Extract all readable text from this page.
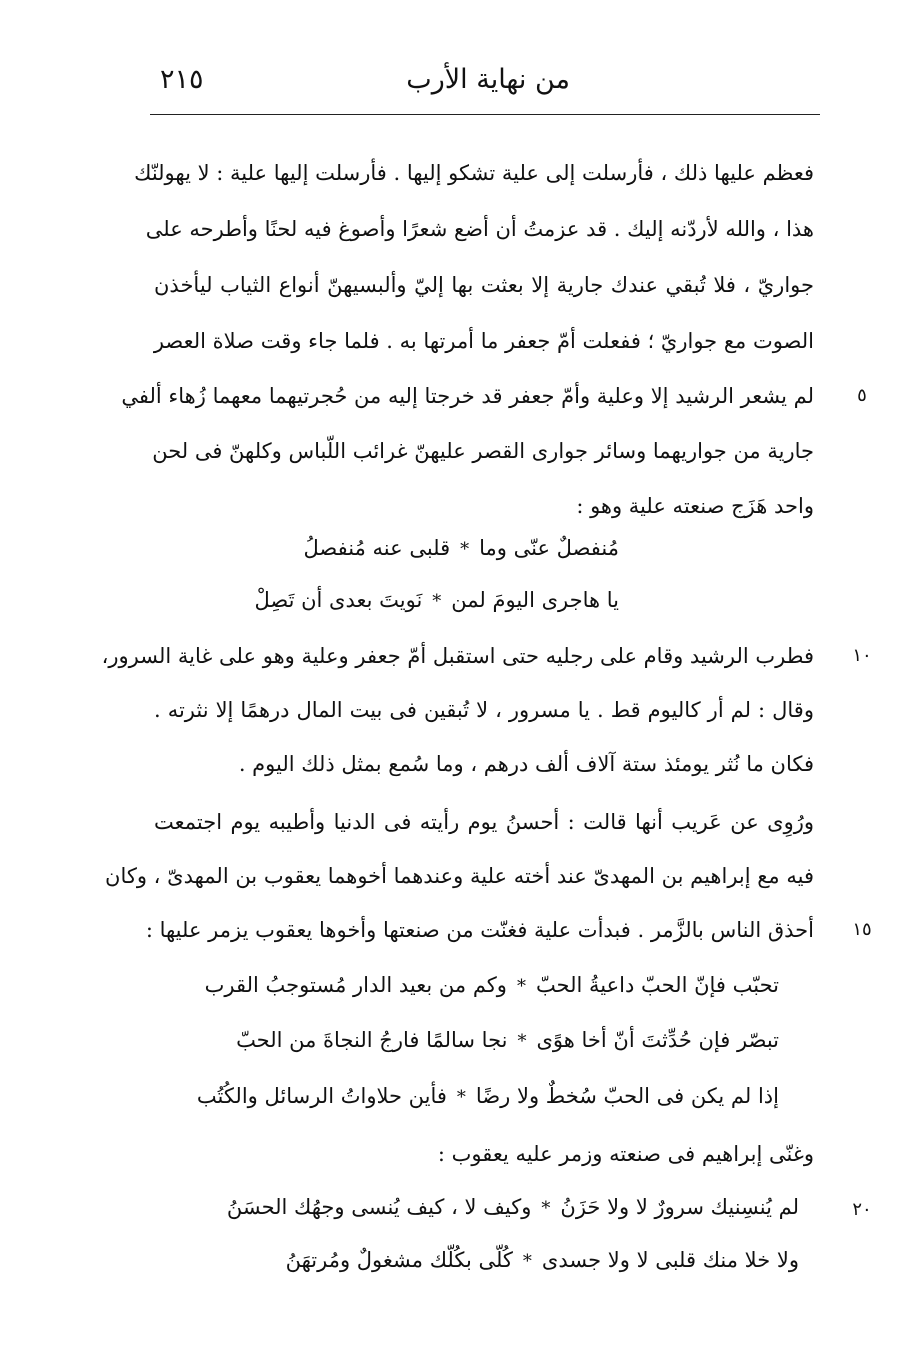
من نهاية الأرب
٢١٥
فعظم عليها ذلك ، فأرسلت إلى علية تشكو إليها . فأرسلت إليها علية : لا يهولنّك
هذا ، والله لأردّنه إليك . قد عزمتُ أن أضع شعرًا وأصوغ فيه لحنًا وأطرحه على
جواريّ ، فلا تُبقي عندك جارية إلا بعثت بها إليّ وألبسيهنّ أنواع الثياب ليأخذن
الصوت مع جواريّ ؛ ففعلت أمّ جعفر ما أمرتها به . فلما جاء وقت صلاة العصر
لم يشعر الرشيد إلا وعلية وأمّ جعفر قد خرجتا إليه من حُجرتيهما معهما زُهاء ألفي
جارية من جواريهما وسائر جوارى القصر عليهنّ غرائب اللّباس وكلهنّ فى لحن
واحد هَزَج صنعته علية وهو :
٥
مُنفصلٌ عنّى وما*قلبى عنه مُنفصلُ
يا هاجرى اليومَ لمن*نَويتَ بعدى أن تَصِلْ
فطرب الرشيد وقام على رجليه حتى استقبل أمّ جعفر وعلية وهو على غاية السرور،
وقال : لم أر كاليوم قط . يا مسرور ، لا تُبقين فى بيت المال درهمًا إلا نثرته .
فكان ما نُثر يومئذ ستة آلاف ألف درهم ، وما سُمع بمثل ذلك اليوم .
١٠
ورُوِى عن عَريب أنها قالت : أحسنُ يوم رأيته فى الدنيا وأطيبه يوم اجتمعت
فيه مع إبراهيم بن المهدىّ عند أخته علية وعندهما أخوهما يعقوب بن المهدىّ ، وكان
أحذق الناس بالزَّمر . فبدأت علية فغنّت من صنعتها وأخوها يعقوب يزمر عليها : ١٥
تحبّب فإنّ الحبّ داعيةُ الحبّ*وكم من بعيد الدار مُستوجبُ القرب
تبصّر فإن حُدِّثتَ أنّ أخا هوًى*نجا سالمًا فارجُ النجاةَ من الحبّ
إذا لم يكن فى الحبّ سُخطٌ ولا رضًا*فأين حلاواتُ الرسائل والكُتُب
وغنّى إبراهيم فى صنعته وزمر عليه يعقوب :
لم يُنسِنيك سرورٌ لا ولا حَزَنُ*وكيف لا ، كيف يُنسى وجهُك الحسَنُ
ولا خلا منك قلبى لا ولا جسدى*كُلّى بكُلّك مشغولٌ ومُرتهَنُ
٢٠
